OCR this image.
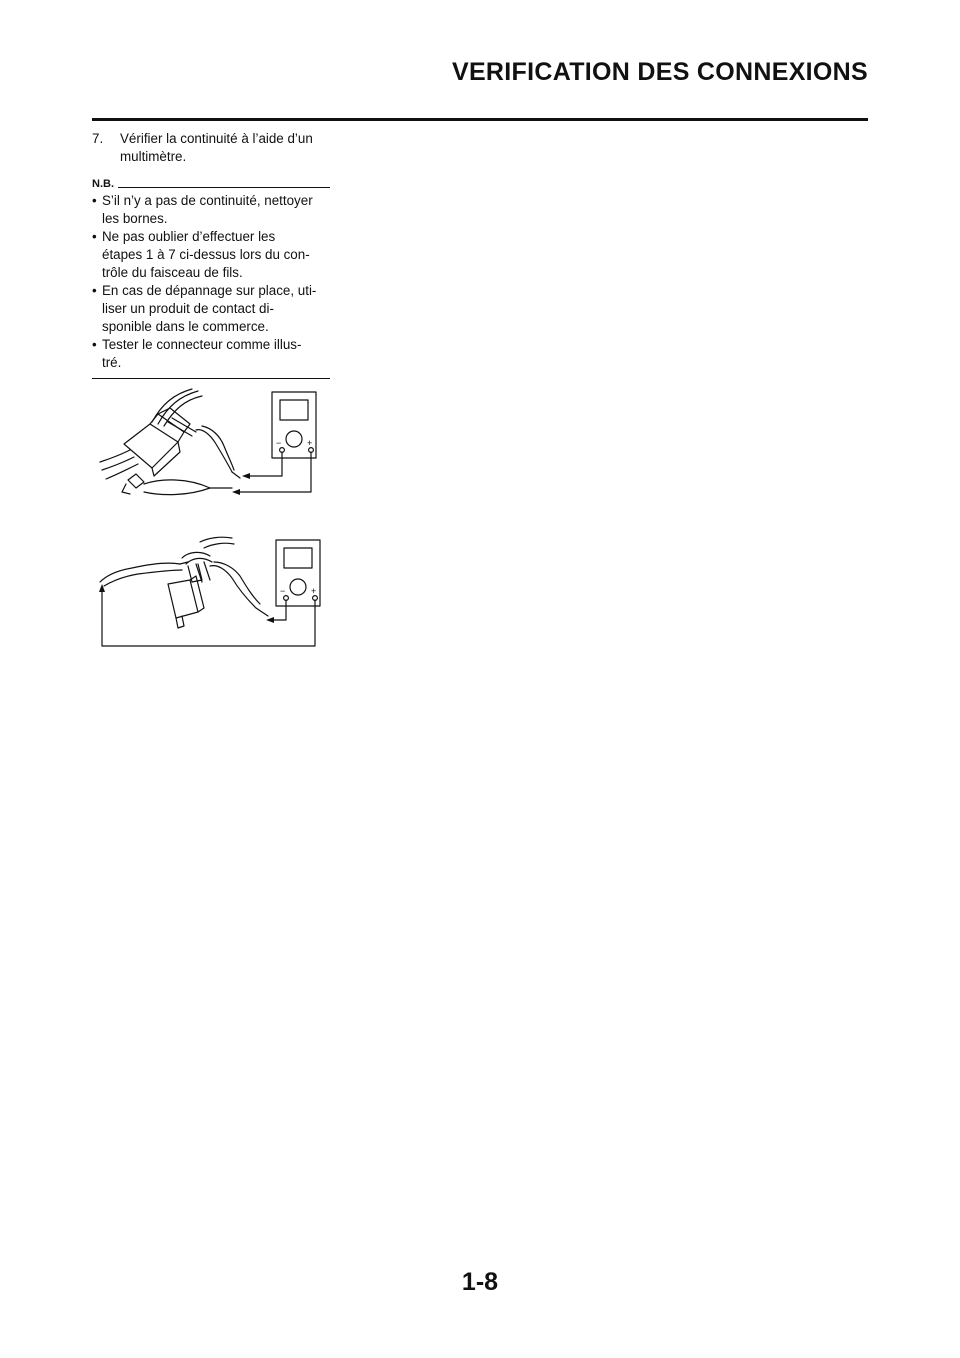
VERIFICATION DES CONNEXIONS

7. Vérifier la continuité à l’aide d’un
multimètre.

N.B.
• S’il n’y a pas de continuité, nettoyer
les bornes.
• Ne pas oublier d’effectuer les
étapes 1 à 7 ci-dessus lors du con-
trôle du faisceau de fils.
• En cas de dépannage sur place, uti-
liser un produit de contact di-
sponible dans le commerce.
• Tester le connecteur comme illus-
tré.
−	+
−	+

1-8
